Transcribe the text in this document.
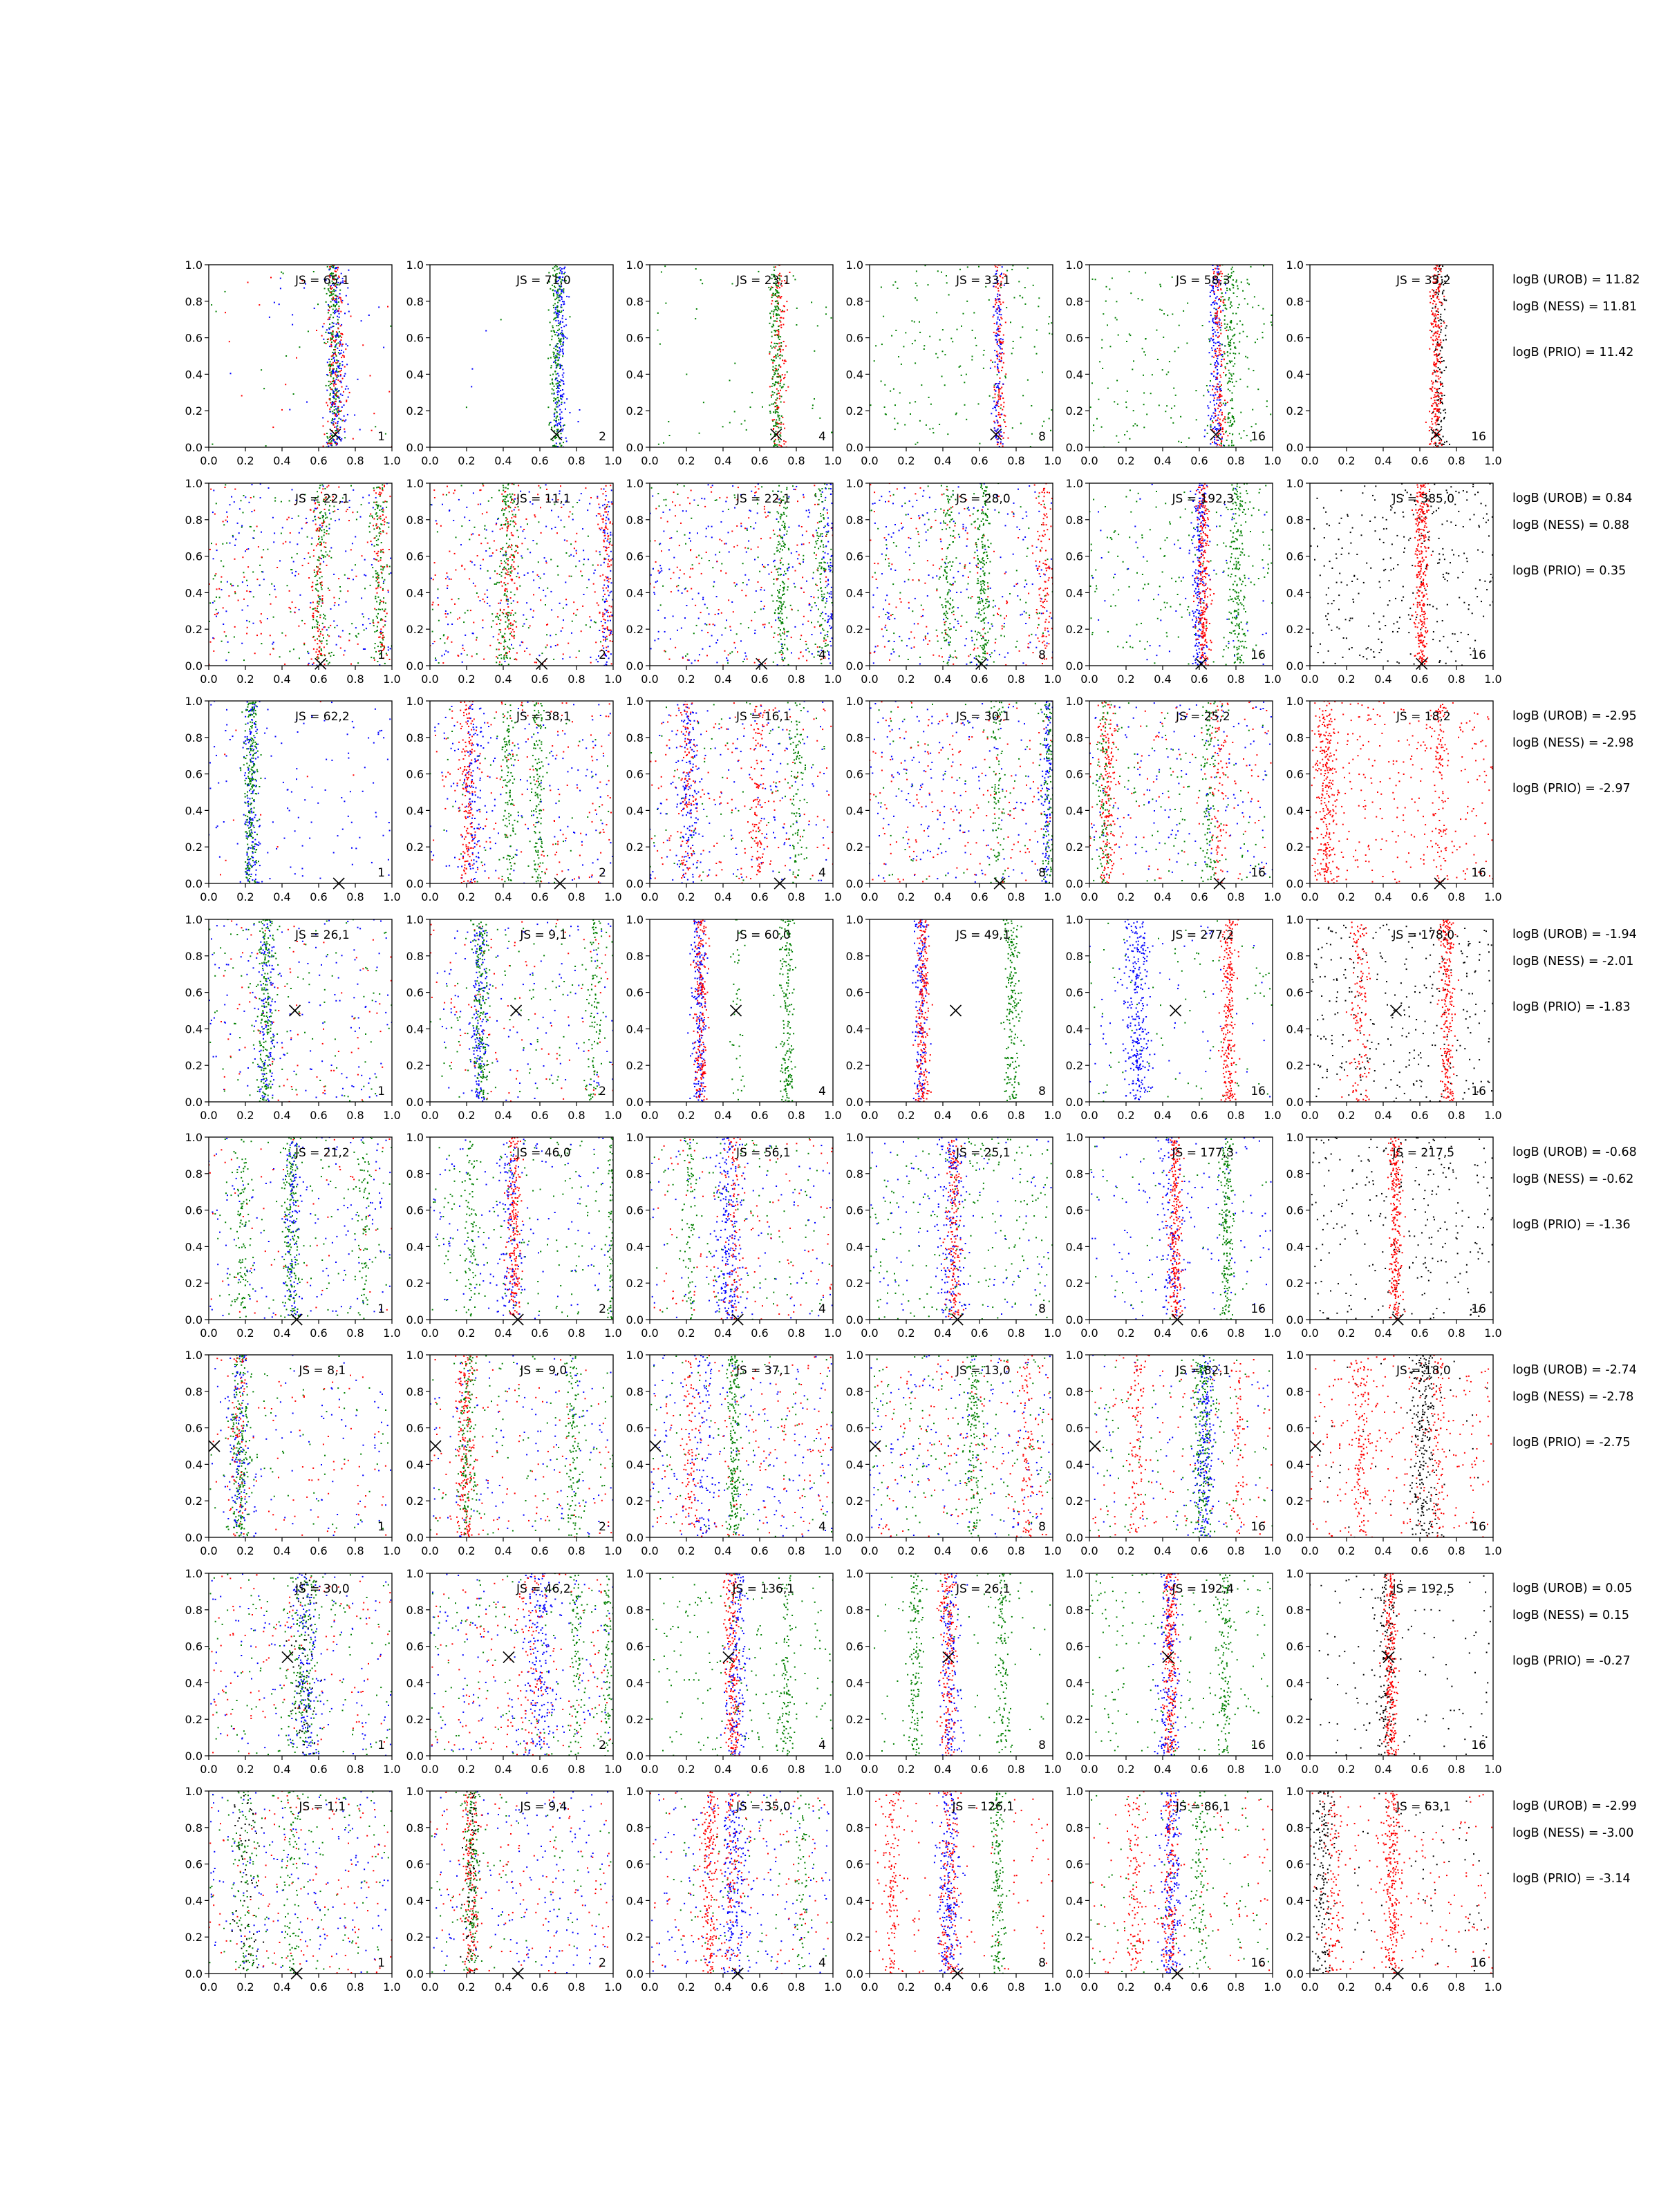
0.0
0.0
0.2
0.2
0.4
0.4
0.6
0.6
0.8
0.8
1.0
1.0
JS = 65,1
1
0.0
0.0
0.2
0.2
0.4
0.4
0.6
0.6
0.8
0.8
1.0
1.0
JS = 71,0
2
0.0
0.0
0.2
0.2
0.4
0.4
0.6
0.6
0.8
0.8
1.0
1.0
JS = 23,1
4
0.0
0.0
0.2
0.2
0.4
0.4
0.6
0.6
0.8
0.8
1.0
1.0
JS = 33,1
8
0.0
0.0
0.2
0.2
0.4
0.4
0.6
0.6
0.8
0.8
1.0
1.0
JS = 58,3
16
0.0
0.0
0.2
0.2
0.4
0.4
0.6
0.6
0.8
0.8
1.0
1.0
JS = 35,2
16
logB (UROB) = 11.82
logB (NESS) = 11.81
logB (PRIO) = 11.42
0.0
0.0
0.2
0.2
0.4
0.4
0.6
0.6
0.8
0.8
1.0
1.0
JS = 22,1
1
0.0
0.0
0.2
0.2
0.4
0.4
0.6
0.6
0.8
0.8
1.0
1.0
JS = 11,1
2
0.0
0.0
0.2
0.2
0.4
0.4
0.6
0.6
0.8
0.8
1.0
1.0
JS = 22,1
4
0.0
0.0
0.2
0.2
0.4
0.4
0.6
0.6
0.8
0.8
1.0
1.0
JS = 28,0
8
0.0
0.0
0.2
0.2
0.4
0.4
0.6
0.6
0.8
0.8
1.0
1.0
JS = 192,3
16
0.0
0.0
0.2
0.2
0.4
0.4
0.6
0.6
0.8
0.8
1.0
1.0
JS = 385,0
16
logB (UROB) = 0.84
logB (NESS) = 0.88
logB (PRIO) = 0.35
0.0
0.0
0.2
0.2
0.4
0.4
0.6
0.6
0.8
0.8
1.0
1.0
JS = 62,2
1
0.0
0.0
0.2
0.2
0.4
0.4
0.6
0.6
0.8
0.8
1.0
1.0
JS = 38,1
2
0.0
0.0
0.2
0.2
0.4
0.4
0.6
0.6
0.8
0.8
1.0
1.0
JS = 16,1
4
0.0
0.0
0.2
0.2
0.4
0.4
0.6
0.6
0.8
0.8
1.0
1.0
JS = 30,1
8
0.0
0.0
0.2
0.2
0.4
0.4
0.6
0.6
0.8
0.8
1.0
1.0
JS = 25,2
16
0.0
0.0
0.2
0.2
0.4
0.4
0.6
0.6
0.8
0.8
1.0
1.0
JS = 18,2
16
logB (UROB) = -2.95
logB (NESS) = -2.98
logB (PRIO) = -2.97
0.0
0.0
0.2
0.2
0.4
0.4
0.6
0.6
0.8
0.8
1.0
1.0
JS = 26,1
1
0.0
0.0
0.2
0.2
0.4
0.4
0.6
0.6
0.8
0.8
1.0
1.0
JS = 9,1
2
0.0
0.0
0.2
0.2
0.4
0.4
0.6
0.6
0.8
0.8
1.0
1.0
JS = 60,0
4
0.0
0.0
0.2
0.2
0.4
0.4
0.6
0.6
0.8
0.8
1.0
1.0
JS = 49,1
8
0.0
0.0
0.2
0.2
0.4
0.4
0.6
0.6
0.8
0.8
1.0
1.0
JS = 277,2
16
0.0
0.0
0.2
0.2
0.4
0.4
0.6
0.6
0.8
0.8
1.0
1.0
JS = 178,0
16
logB (UROB) = -1.94
logB (NESS) = -2.01
logB (PRIO) = -1.83
0.0
0.0
0.2
0.2
0.4
0.4
0.6
0.6
0.8
0.8
1.0
1.0
JS = 21,2
1
0.0
0.0
0.2
0.2
0.4
0.4
0.6
0.6
0.8
0.8
1.0
1.0
JS = 46,0
2
0.0
0.0
0.2
0.2
0.4
0.4
0.6
0.6
0.8
0.8
1.0
1.0
JS = 56,1
4
0.0
0.0
0.2
0.2
0.4
0.4
0.6
0.6
0.8
0.8
1.0
1.0
JS = 25,1
8
0.0
0.0
0.2
0.2
0.4
0.4
0.6
0.6
0.8
0.8
1.0
1.0
JS = 177,3
16
0.0
0.0
0.2
0.2
0.4
0.4
0.6
0.6
0.8
0.8
1.0
1.0
JS = 217,5
16
logB (UROB) = -0.68
logB (NESS) = -0.62
logB (PRIO) = -1.36
0.0
0.0
0.2
0.2
0.4
0.4
0.6
0.6
0.8
0.8
1.0
1.0
JS = 8,1
1
0.0
0.0
0.2
0.2
0.4
0.4
0.6
0.6
0.8
0.8
1.0
1.0
JS = 9,0
2
0.0
0.0
0.2
0.2
0.4
0.4
0.6
0.6
0.8
0.8
1.0
1.0
JS = 37,1
4
0.0
0.0
0.2
0.2
0.4
0.4
0.6
0.6
0.8
0.8
1.0
1.0
JS = 13,0
8
0.0
0.0
0.2
0.2
0.4
0.4
0.6
0.6
0.8
0.8
1.0
1.0
JS = 82,1
16
0.0
0.0
0.2
0.2
0.4
0.4
0.6
0.6
0.8
0.8
1.0
1.0
JS = 18,0
16
logB (UROB) = -2.74
logB (NESS) = -2.78
logB (PRIO) = -2.75
0.0
0.0
0.2
0.2
0.4
0.4
0.6
0.6
0.8
0.8
1.0
1.0
JS = 30,0
1
0.0
0.0
0.2
0.2
0.4
0.4
0.6
0.6
0.8
0.8
1.0
1.0
JS = 46,2
2
0.0
0.0
0.2
0.2
0.4
0.4
0.6
0.6
0.8
0.8
1.0
1.0
JS = 136,1
4
0.0
0.0
0.2
0.2
0.4
0.4
0.6
0.6
0.8
0.8
1.0
1.0
JS = 26,1
8
0.0
0.0
0.2
0.2
0.4
0.4
0.6
0.6
0.8
0.8
1.0
1.0
JS = 192,4
16
0.0
0.0
0.2
0.2
0.4
0.4
0.6
0.6
0.8
0.8
1.0
1.0
JS = 192,5
16
logB (UROB) = 0.05
logB (NESS) = 0.15
logB (PRIO) = -0.27
0.0
0.0
0.2
0.2
0.4
0.4
0.6
0.6
0.8
0.8
1.0
1.0
JS = 1,1
1
0.0
0.0
0.2
0.2
0.4
0.4
0.6
0.6
0.8
0.8
1.0
1.0
JS = 9,4
2
0.0
0.0
0.2
0.2
0.4
0.4
0.6
0.6
0.8
0.8
1.0
1.0
JS = 35,0
4
0.0
0.0
0.2
0.2
0.4
0.4
0.6
0.6
0.8
0.8
1.0
1.0
JS = 126,1
8
0.0
0.0
0.2
0.2
0.4
0.4
0.6
0.6
0.8
0.8
1.0
1.0
JS = 86,1
16
0.0
0.0
0.2
0.2
0.4
0.4
0.6
0.6
0.8
0.8
1.0
1.0
JS = 63,1
16
logB (UROB) = -2.99
logB (NESS) = -3.00
logB (PRIO) = -3.14
